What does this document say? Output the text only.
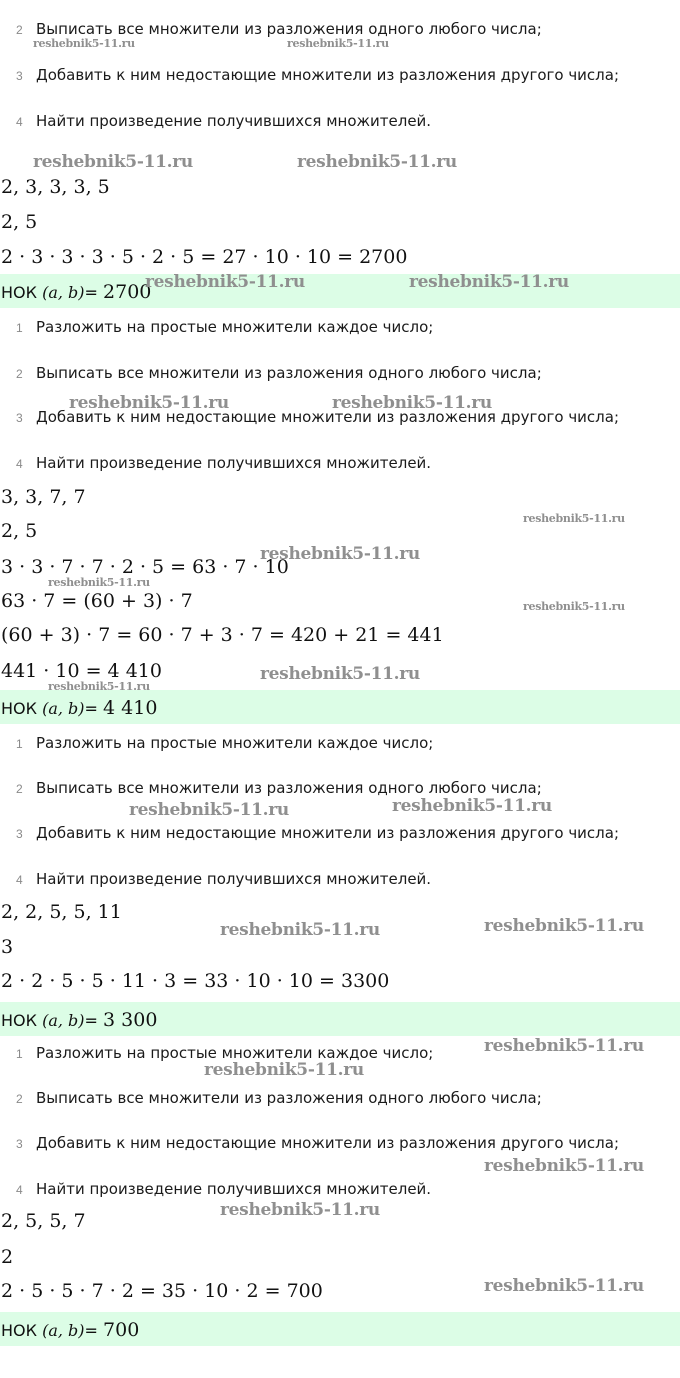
2 Выписать все множители из разложения одного любого числа;
3 Добавить к ним недостающие множители из разложения другого числа;
4 Найти произведение получившихся множителей.
2, 3, 3, 3, 5
2, 5
2 · 3 · 3 · 3 · 5 · 2 · 5 = 27 · 10 · 10 = 2700
НОК (a, b)= 2700
1 Разложить на простые множители каждое число;
2 Выписать все множители из разложения одного любого числа;
3 Добавить к ним недостающие множители из разложения другого числа;
4 Найти произведение получившихся множителей.
3, 3, 7, 7
2, 5
3 · 3 · 7 · 7 · 2 · 5 = 63 · 7 · 10
63 · 7 = (60 + 3) · 7
(60 + 3) · 7 = 60 · 7 + 3 · 7 = 420 + 21 = 441
441 · 10 = 4 410
НОК (a, b)= 4 410
1 Разложить на простые множители каждое число;
2 Выписать все множители из разложения одного любого числа;
3 Добавить к ним недостающие множители из разложения другого числа;
4 Найти произведение получившихся множителей.
2, 2, 5, 5, 11
3
2 · 2 · 5 · 5 · 11 · 3 = 33 · 10 · 10 = 3300
НОК (a, b)= 3 300
1 Разложить на простые множители каждое число;
2 Выписать все множители из разложения одного любого числа;
3 Добавить к ним недостающие множители из разложения другого числа;
4 Найти произведение получившихся множителей.
2, 5, 5, 7
2
2 · 5 · 5 · 7 · 2 = 35 · 10 · 2 = 700
НОК (a, b)= 700
reshebnik5-11.ru	reshebnik5-11.ru
reshebnik5-11.ru	reshebnik5-11.ru
reshebnik5-11.ru	reshebnik5-11.ru
reshebnik5-11.ru	reshebnik5-11.ru
reshebnik5-11.ru
reshebnik5-11.ru
reshebnik5-11.ru
reshebnik5-11.ru
reshebnik5-11.ru
reshebnik5-11.ru
reshebnik5-11.ru	reshebnik5-11.ru
reshebnik5-11.ru
reshebnik5-11.ru
reshebnik5-11.ru
reshebnik5-11.ru
reshebnik5-11.ru
reshebnik5-11.ru
reshebnik5-11.ru
